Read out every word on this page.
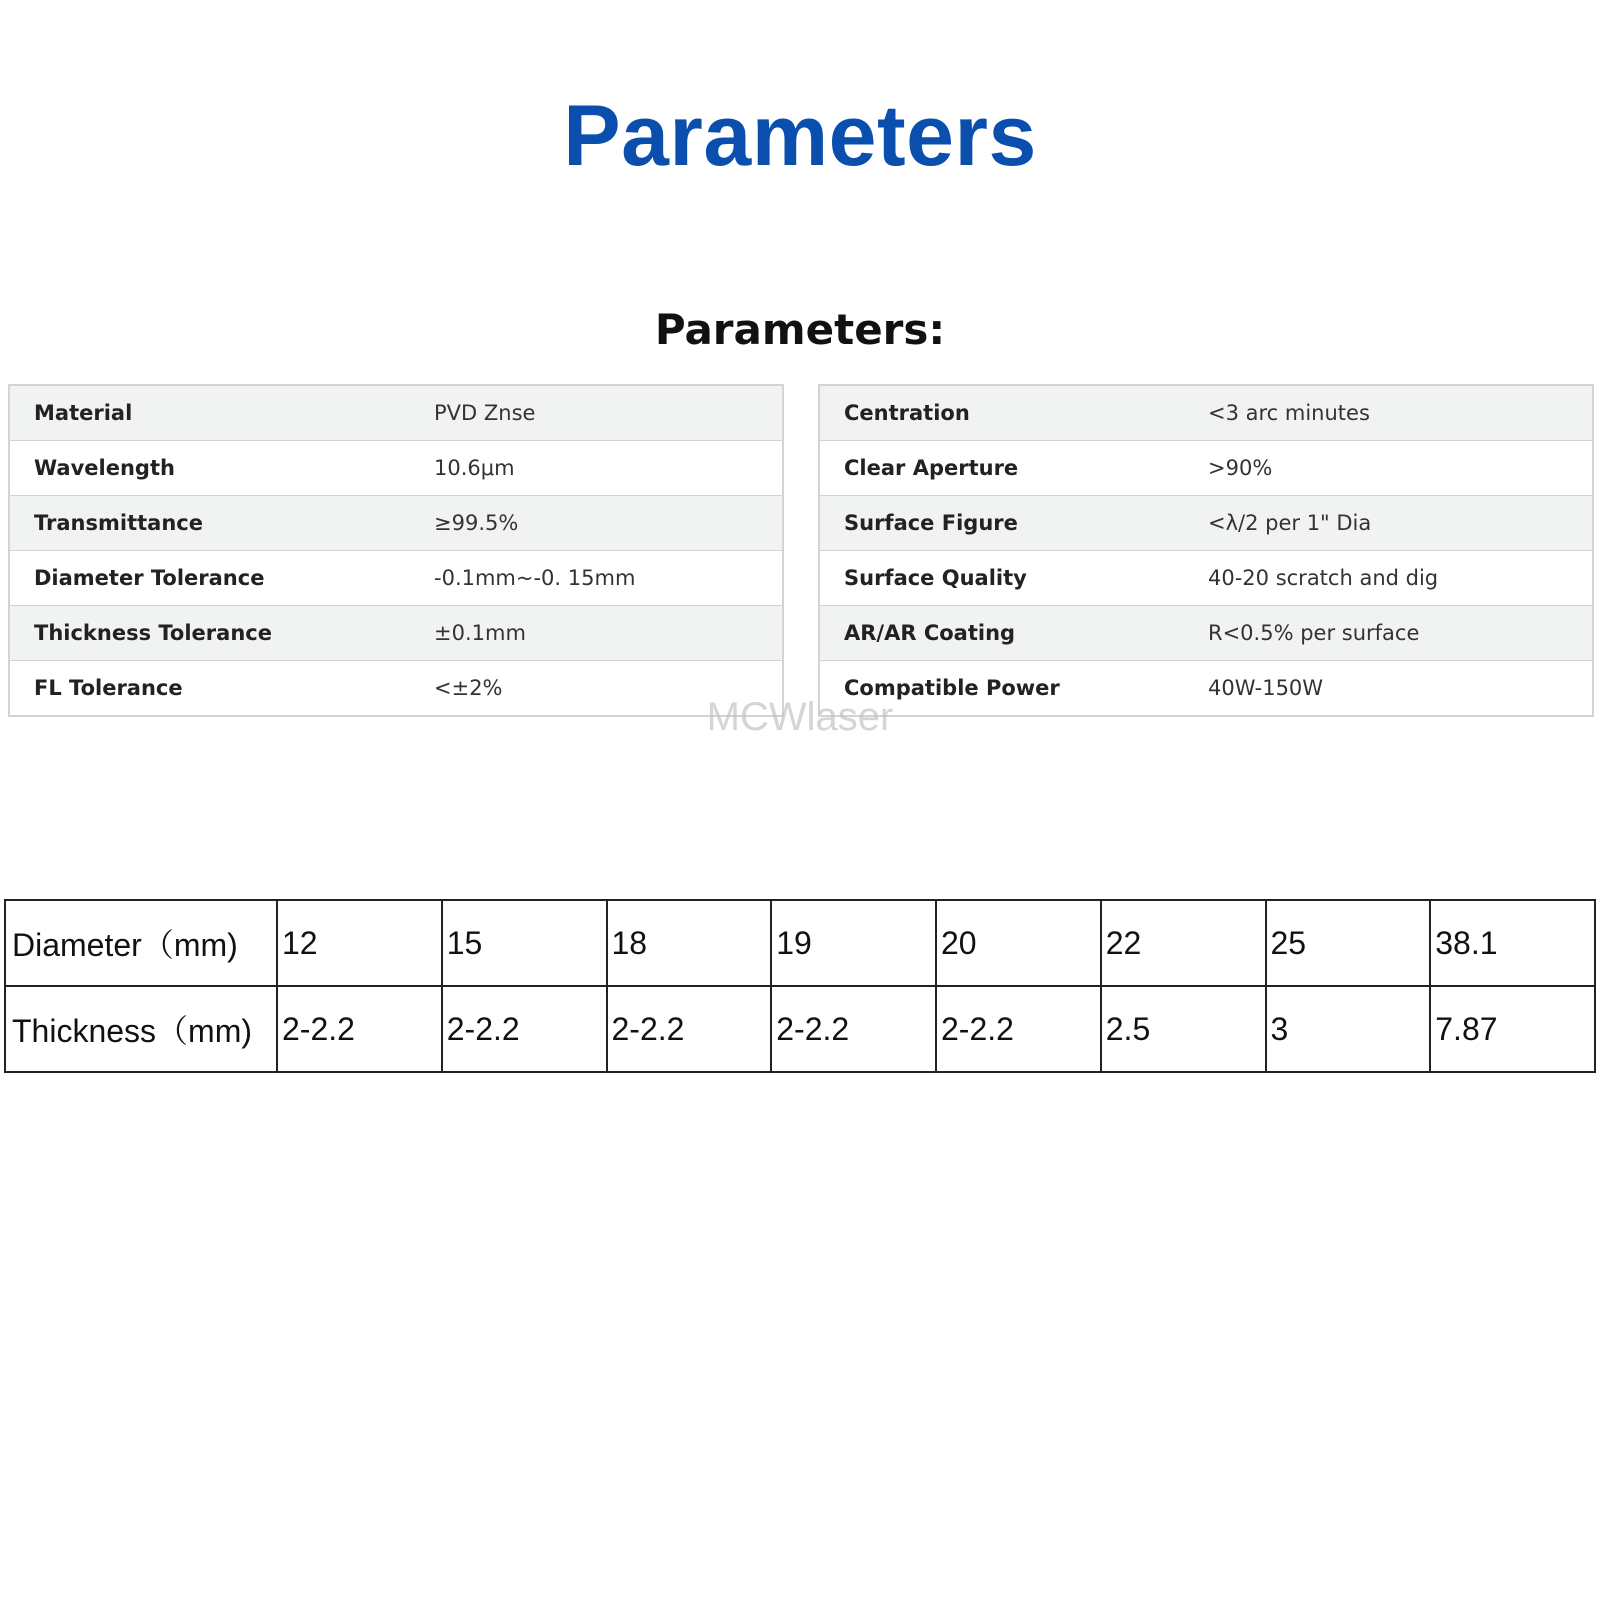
Parameters
Parameters:
Material	PVD Znse
Wavelength	10.6μm
Transmittance	≥99.5%
Diameter Tolerance	-0.1mm~-0. 15mm
Thickness Tolerance	±0.1mm
FL Tolerance	<±2%
Centration	<3 arc minutes
Clear Aperture	>90%
Surface Figure	<λ/2 per 1" Dia
Surface Quality	40-20 scratch and dig
AR/AR Coating	R<0.5% per surface
Compatible Power	40W-150W
MCWlaser
Diameter（mm)	12	15	18	19	20	22	25	38.1
Thickness（mm)	2-2.2	2-2.2	2-2.2	2-2.2	2-2.2	2.5	3	7.87
